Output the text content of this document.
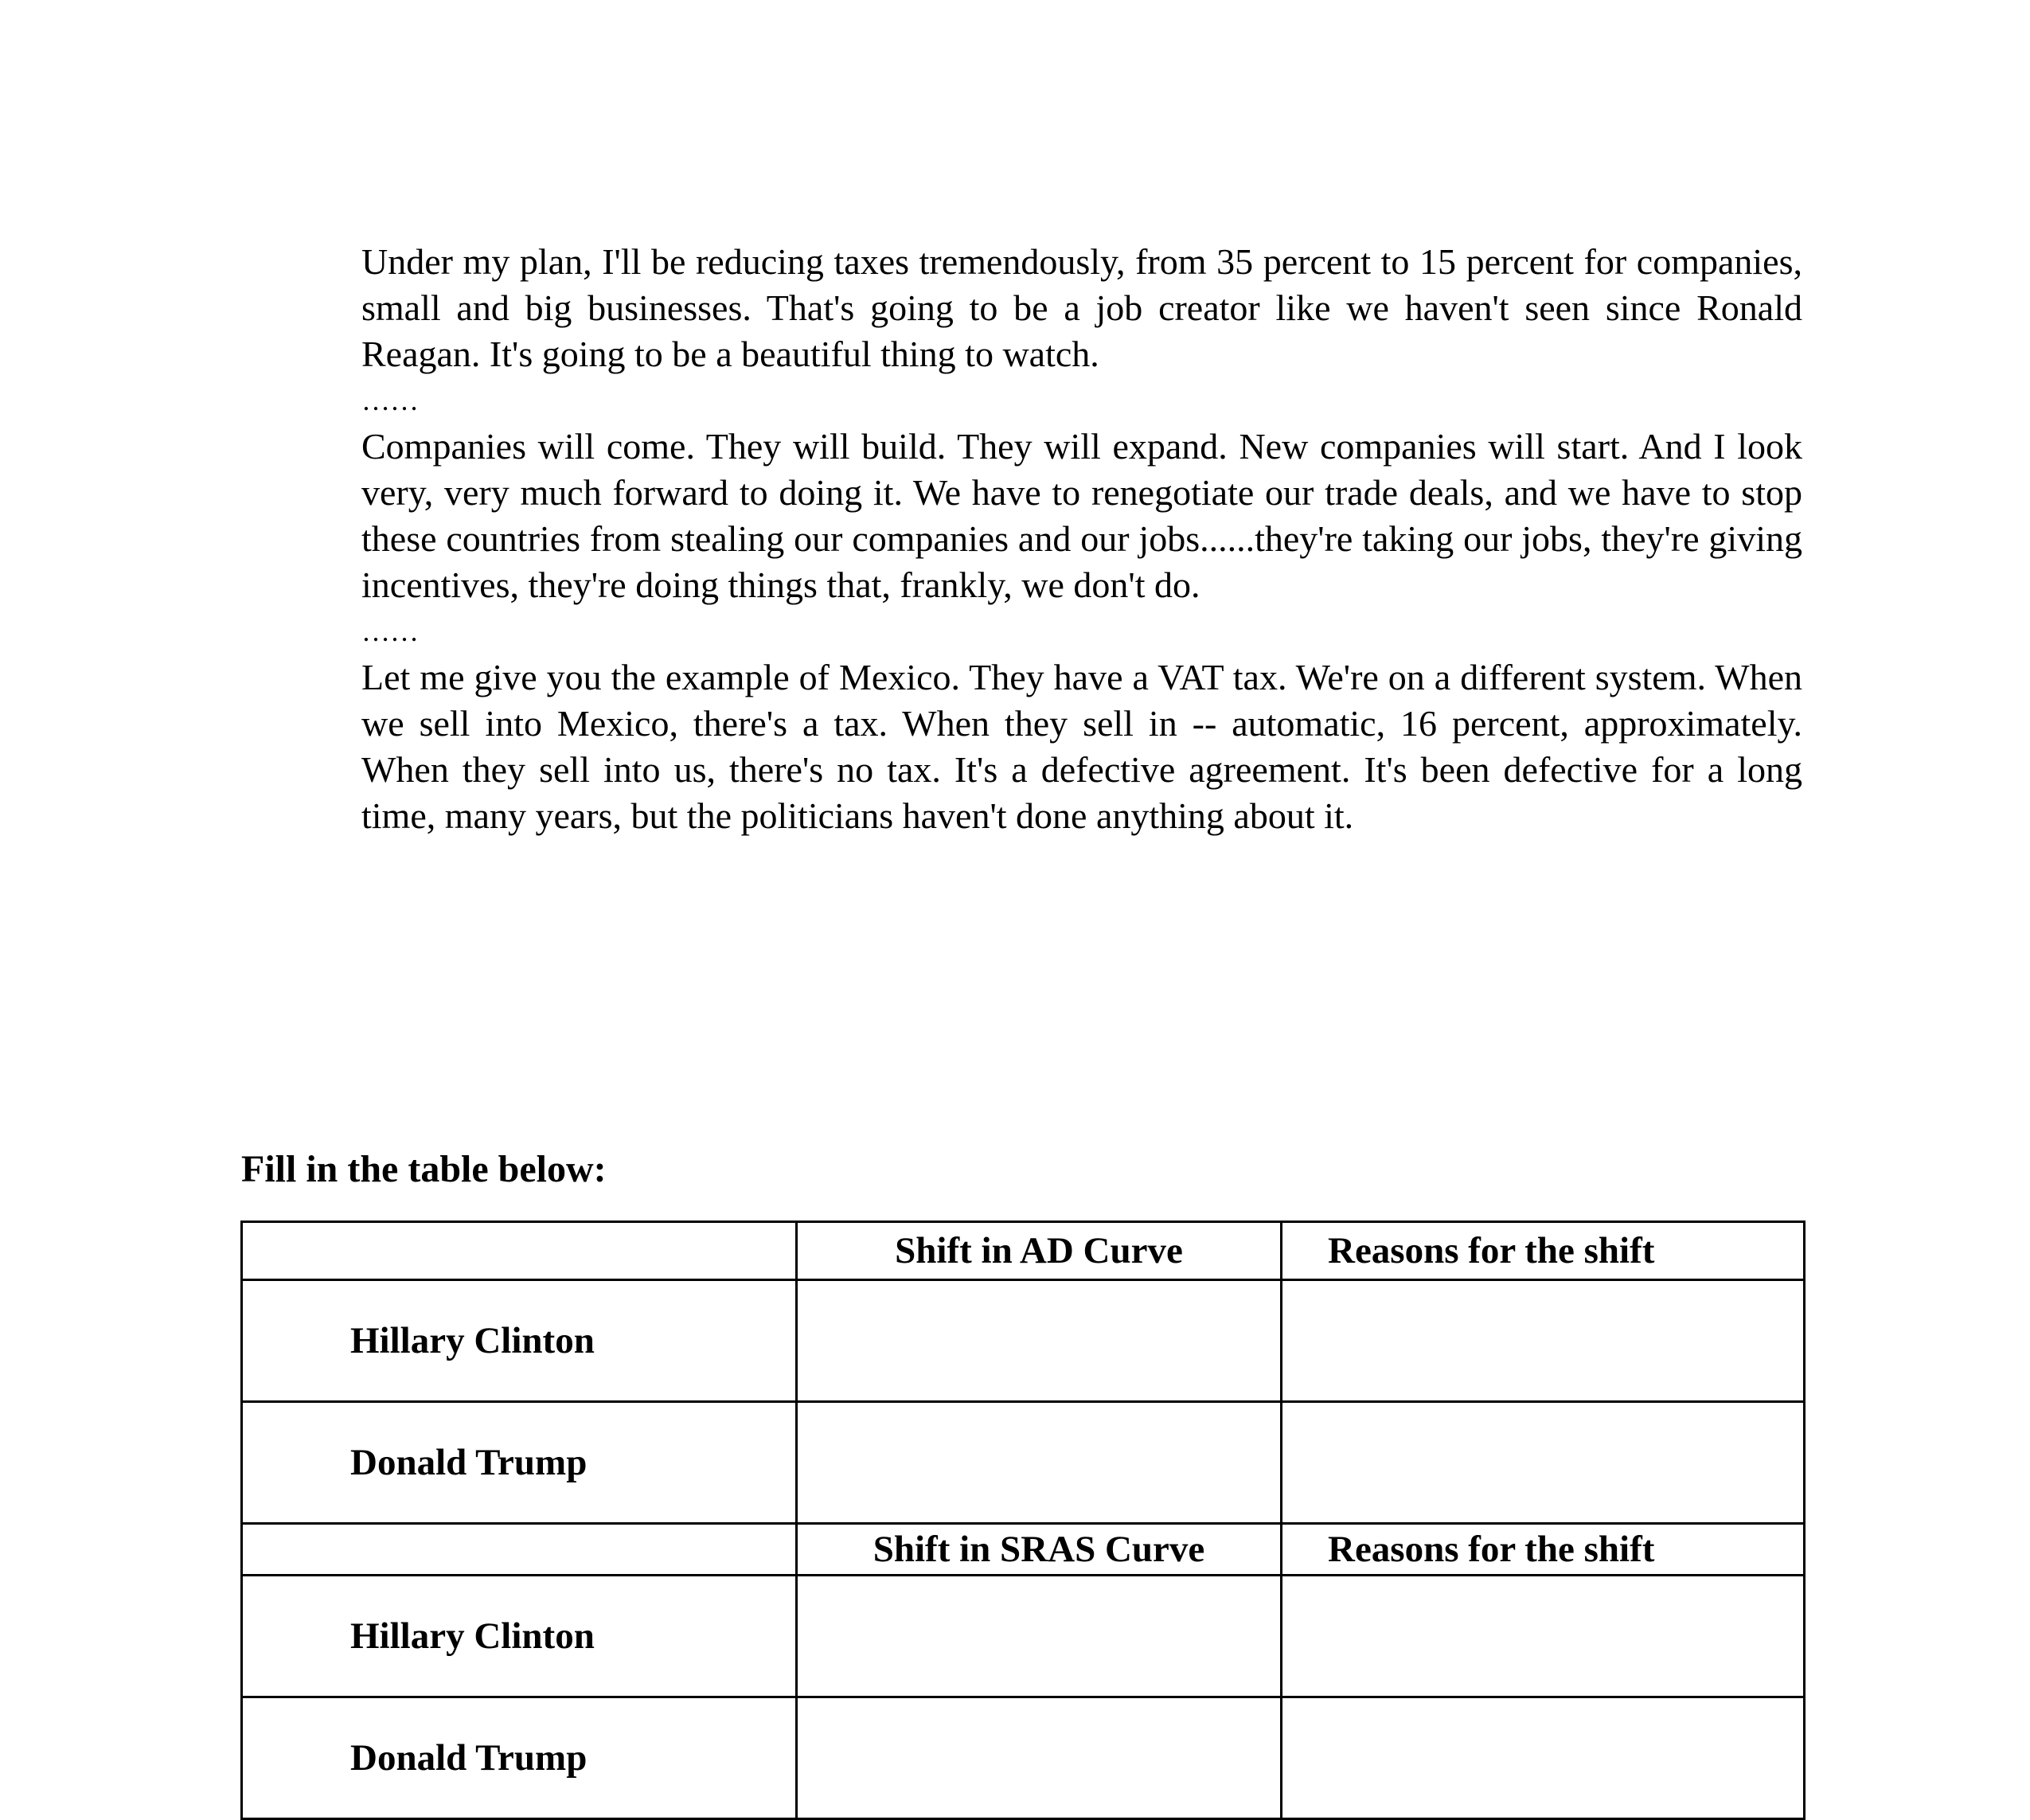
Under my plan, I'll be reducing taxes tremendously, from 35 percent to 15 percent for companies, small and big businesses. That's going to be a job creator like we haven't seen since Ronald Reagan. It's going to be a beautiful thing to watch.

……

Companies will come. They will build. They will expand. New companies will start. And I look very, very much forward to doing it. We have to renegotiate our trade deals, and we have to stop these countries from stealing our companies and our jobs......they're taking our jobs, they're giving incentives, they're doing things that, frankly, we don't do.

……

Let me give you the example of Mexico. They have a VAT tax. We're on a different system. When we sell into Mexico, there's a tax. When they sell in -- automatic, 16 percent, approximately. When they sell into us, there's no tax. It's a defective agreement. It's been defective for a long time, many years, but the politicians haven't done anything about it.

Fill in the table below:

	Shift in AD Curve	Reasons for the shift
Hillary Clinton		
Donald Trump		
	Shift in SRAS Curve	Reasons for the shift
Hillary Clinton		
Donald Trump		
